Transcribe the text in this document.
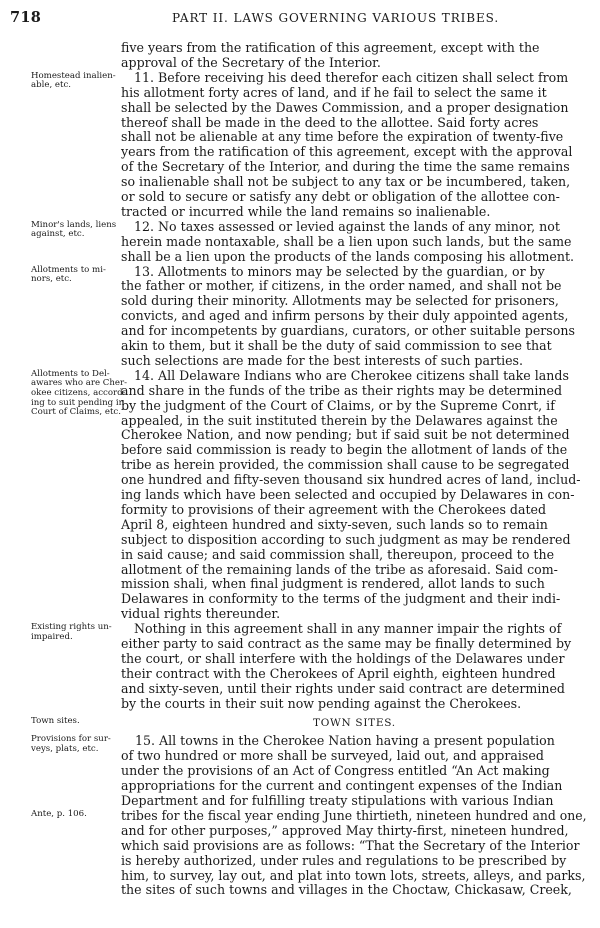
718	PART II. LAWS GOVERNING VARIOUS TRIBES.
Homestead inalien-
able, etc.
Minor's lands, liens
against, etc.
Allotments to mi-
nors, etc.
Allotments to Del-
awares who are Cher-
okee citizens, accord-
ing to suit pending in
Court of Claims, etc.
Existing rights un-
impaired.
Town sites.
Provisions for sur-
veys, plats, etc.
Ante, p. 106.
five years from the ratification of this agreement, except with the
approval of the Secretary of the Interior.
11. Before receiving his deed therefor each citizen shall select from
his allotment forty acres of land, and if he fail to select the same it
shall be selected by the Dawes Commission, and a proper designation
thereof shall be made in the deed to the allottee. Said forty acres
shall not be alienable at any time before the expiration of twenty-five
years from the ratification of this agreement, except with the approval
of the Secretary of the Interior, and during the time the same remains
so inalienable shall not be subject to any tax or be incumbered, taken,
or sold to secure or satisfy any debt or obligation of the allottee con-
tracted or incurred while the land remains so inalienable.
12. No taxes assessed or levied against the lands of any minor, not
herein made nontaxable, shall be a lien upon such lands, but the same
shall be a lien upon the products of the lands composing his allotment.
13. Allotments to minors may be selected by the guardian, or by
the father or mother, if citizens, in the order named, and shall not be
sold during their minority. Allotments may be selected for prisoners,
convicts, and aged and infirm persons by their duly appointed agents,
and for incompetents by guardians, curators, or other suitable persons
akin to them, but it shall be the duty of said commission to see that
such selections are made for the best interests of such parties.
14. All Delaware Indians who are Cherokee citizens shall take lands
and share in the funds of the tribe as their rights may be determined
by the judgment of the Court of Claims, or by the Supreme Conrt, if
appealed, in the suit instituted therein by the Delawares against the
Cherokee Nation, and now pending; but if said suit be not determined
before said commission is ready to begin the allotment of lands of the
tribe as herein provided, the commission shall cause to be segregated
one hundred and fifty-seven thousand six hundred acres of land, includ-
ing lands which have been selected and occupied by Delawares in con-
formity to provisions of their agreement with the Cherokees dated
April 8, eighteen hundred and sixty-seven, such lands so to remain
subject to disposition according to such judgment as may be rendered
in said cause; and said commission shall, thereupon, proceed to the
allotment of the remaining lands of the tribe as aforesaid. Said com-
mission shali, when final judgment is rendered, allot lands to such
Delawares in conformity to the terms of the judgment and their indi-
vidual rights thereunder.
Nothing in this agreement shall in any manner impair the rights of
either party to said contract as the same may be finally determined by
the court, or shall interfere with the holdings of the Delawares under
their contract with the Cherokees of April eighth, eighteen hundred
and sixty-seven, until their rights under said contract are determined
by the courts in their suit now pending against the Cherokees.
TOWN SITES.
15. All towns in the Cherokee Nation having a present population
of two hundred or more shall be surveyed, laid out, and appraised
under the provisions of an Act of Congress entitled “An Act making
appropriations for the current and contingent expenses of the Indian
Department and for fulfilling treaty stipulations with various Indian
tribes for the fiscal year ending June thirtieth, nineteen hundred and one,
and for other purposes,” approved May thirty-first, nineteen hundred,
which said provisions are as follows: “That the Secretary of the Interior
is hereby authorized, under rules and regulations to be prescribed by
him, to survey, lay out, and plat into town lots, streets, alleys, and parks,
the sites of such towns and villages in the Choctaw, Chickasaw, Creek,
